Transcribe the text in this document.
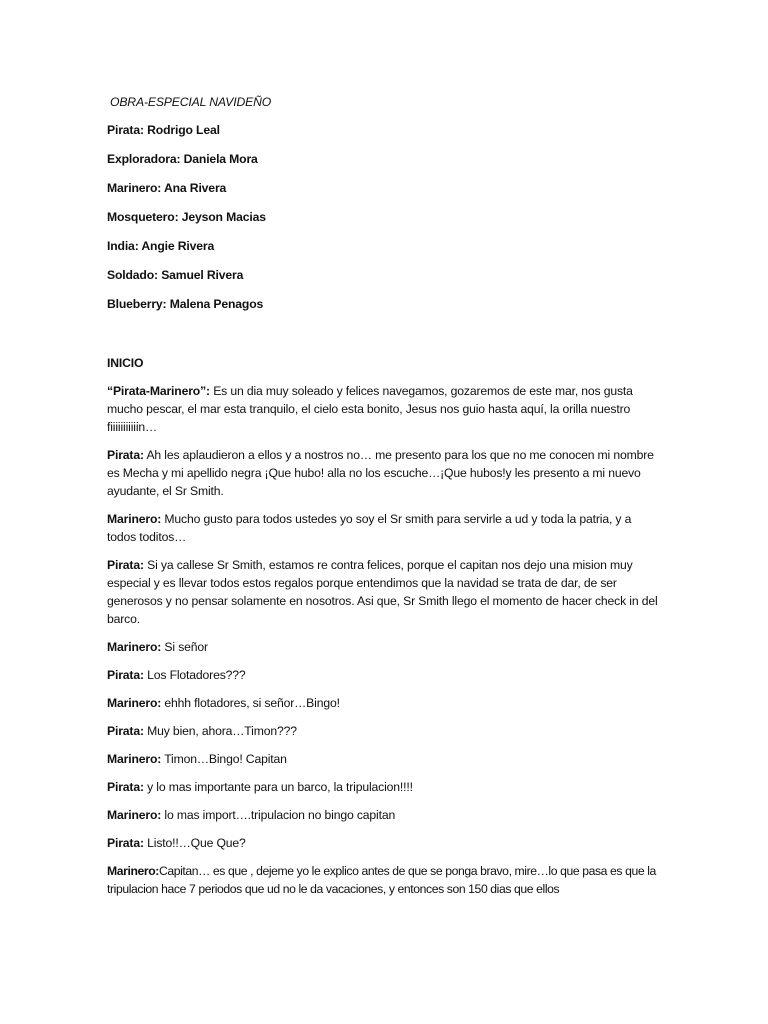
OBRA-ESPECIAL NAVIDEÑO
Pirata: Rodrigo Leal
Exploradora: Daniela Mora
Marinero: Ana Rivera
Mosquetero: Jeyson Macias
India: Angie Rivera
Soldado: Samuel Rivera
Blueberry: Malena Penagos
INICIO

“Pirata-Marinero”: Es un dia muy soleado y felices navegamos, gozaremos de este mar, nos gusta mucho pescar, el mar esta tranquilo, el cielo esta bonito, Jesus nos guio hasta aquí, la orilla nuestro fiiiiiiiiiiin…

Pirata: Ah les aplaudieron a ellos y a nostros no… me presento para los que no me conocen mi nombre es Mecha y mi apellido negra ¡Que hubo! alla no los escuche…¡Que hubos!y les presento a mi nuevo ayudante, el Sr Smith.

Marinero: Mucho gusto para todos ustedes yo soy el Sr smith para servirle a ud y toda la patria, y a todos toditos…

Pirata: Si ya callese Sr Smith, estamos re contra felices, porque el capitan nos dejo una mision muy especial y es llevar todos estos regalos porque entendimos que la navidad se trata de dar, de ser generosos y no pensar solamente en nosotros. Asi que, Sr Smith llego el momento de hacer check in del barco.

Marinero: Si señor

Pirata: Los Flotadores???

Marinero: ehhh flotadores, si señor…Bingo!

Pirata: Muy bien, ahora…Timon???

Marinero: Timon…Bingo! Capitan

Pirata: y lo mas importante para un barco, la tripulacion!!!!

Marinero: lo mas import….tripulacion no bingo capitan

Pirata: Listo!!…Que Que?

Marinero:Capitan… es que , dejeme yo le explico antes de que se ponga bravo, mire…lo que pasa es que la tripulacion hace 7 periodos que ud no le da vacaciones, y entonces son 150 dias que ellos
